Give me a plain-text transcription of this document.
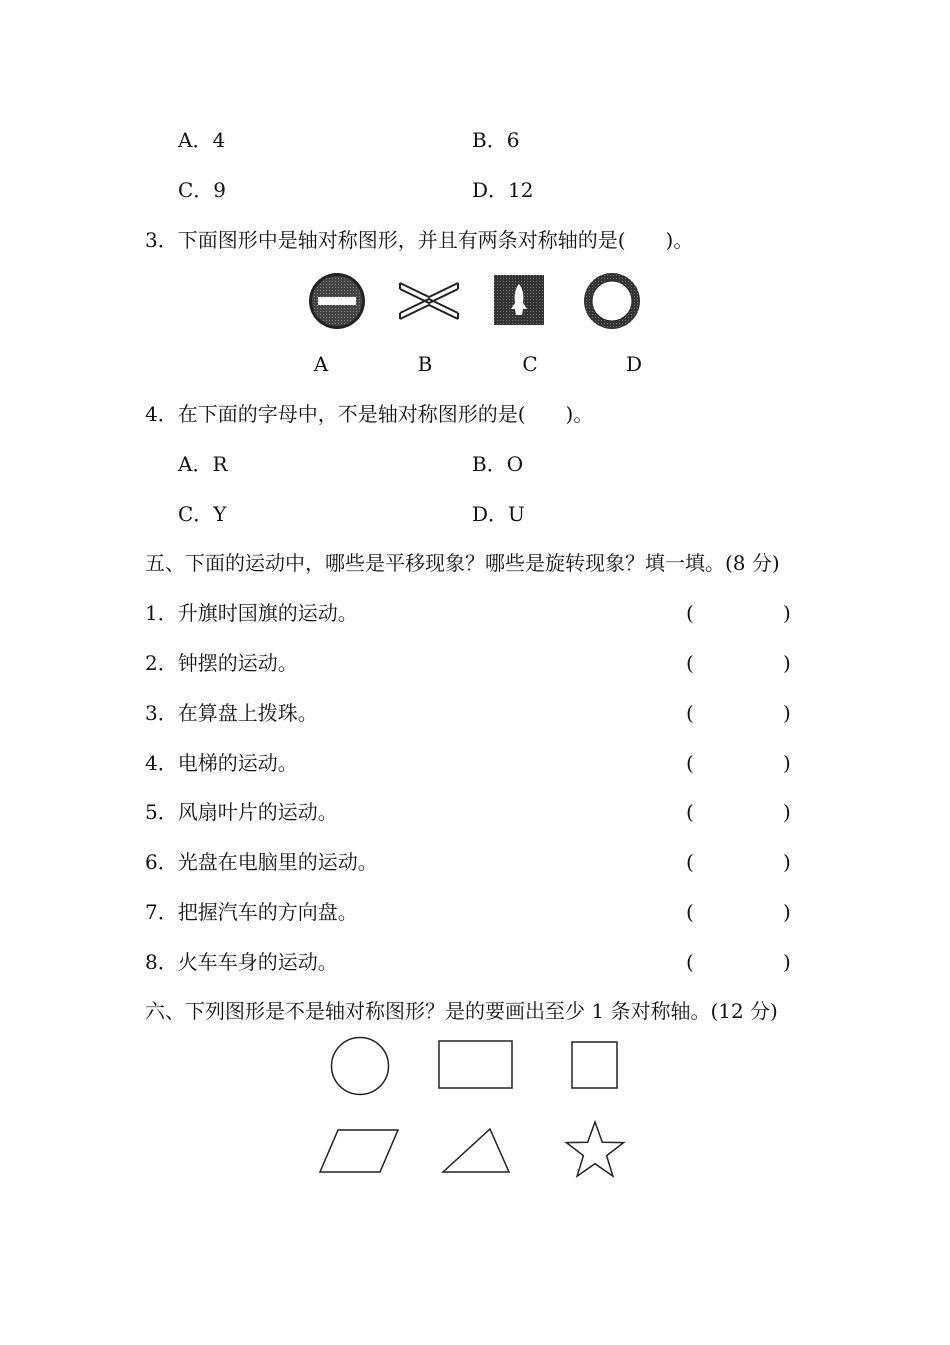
A．4	B．6
C．9	D．12
3．下面图形中是轴对称图形，并且有两条对称轴的是(　　)。
A	B	C	D
4．在下面的字母中，不是轴对称图形的是(　　)。
A．R	B．O
C．Y	D．U
五、下面的运动中，哪些是平移现象？哪些是旋转现象？填一填。(8 分)
1．升旗时国旗的运动。	(	)
2．钟摆的运动。	(	)
3．在算盘上拨珠。	(	)
4．电梯的运动。	(	)
5．风扇叶片的运动。	(	)
6．光盘在电脑里的运动。	(	)
7．把握汽车的方向盘。	(	)
8．火车车身的运动。	(	)
六、下列图形是不是轴对称图形？是的要画出至少 1 条对称轴。(12 分)
